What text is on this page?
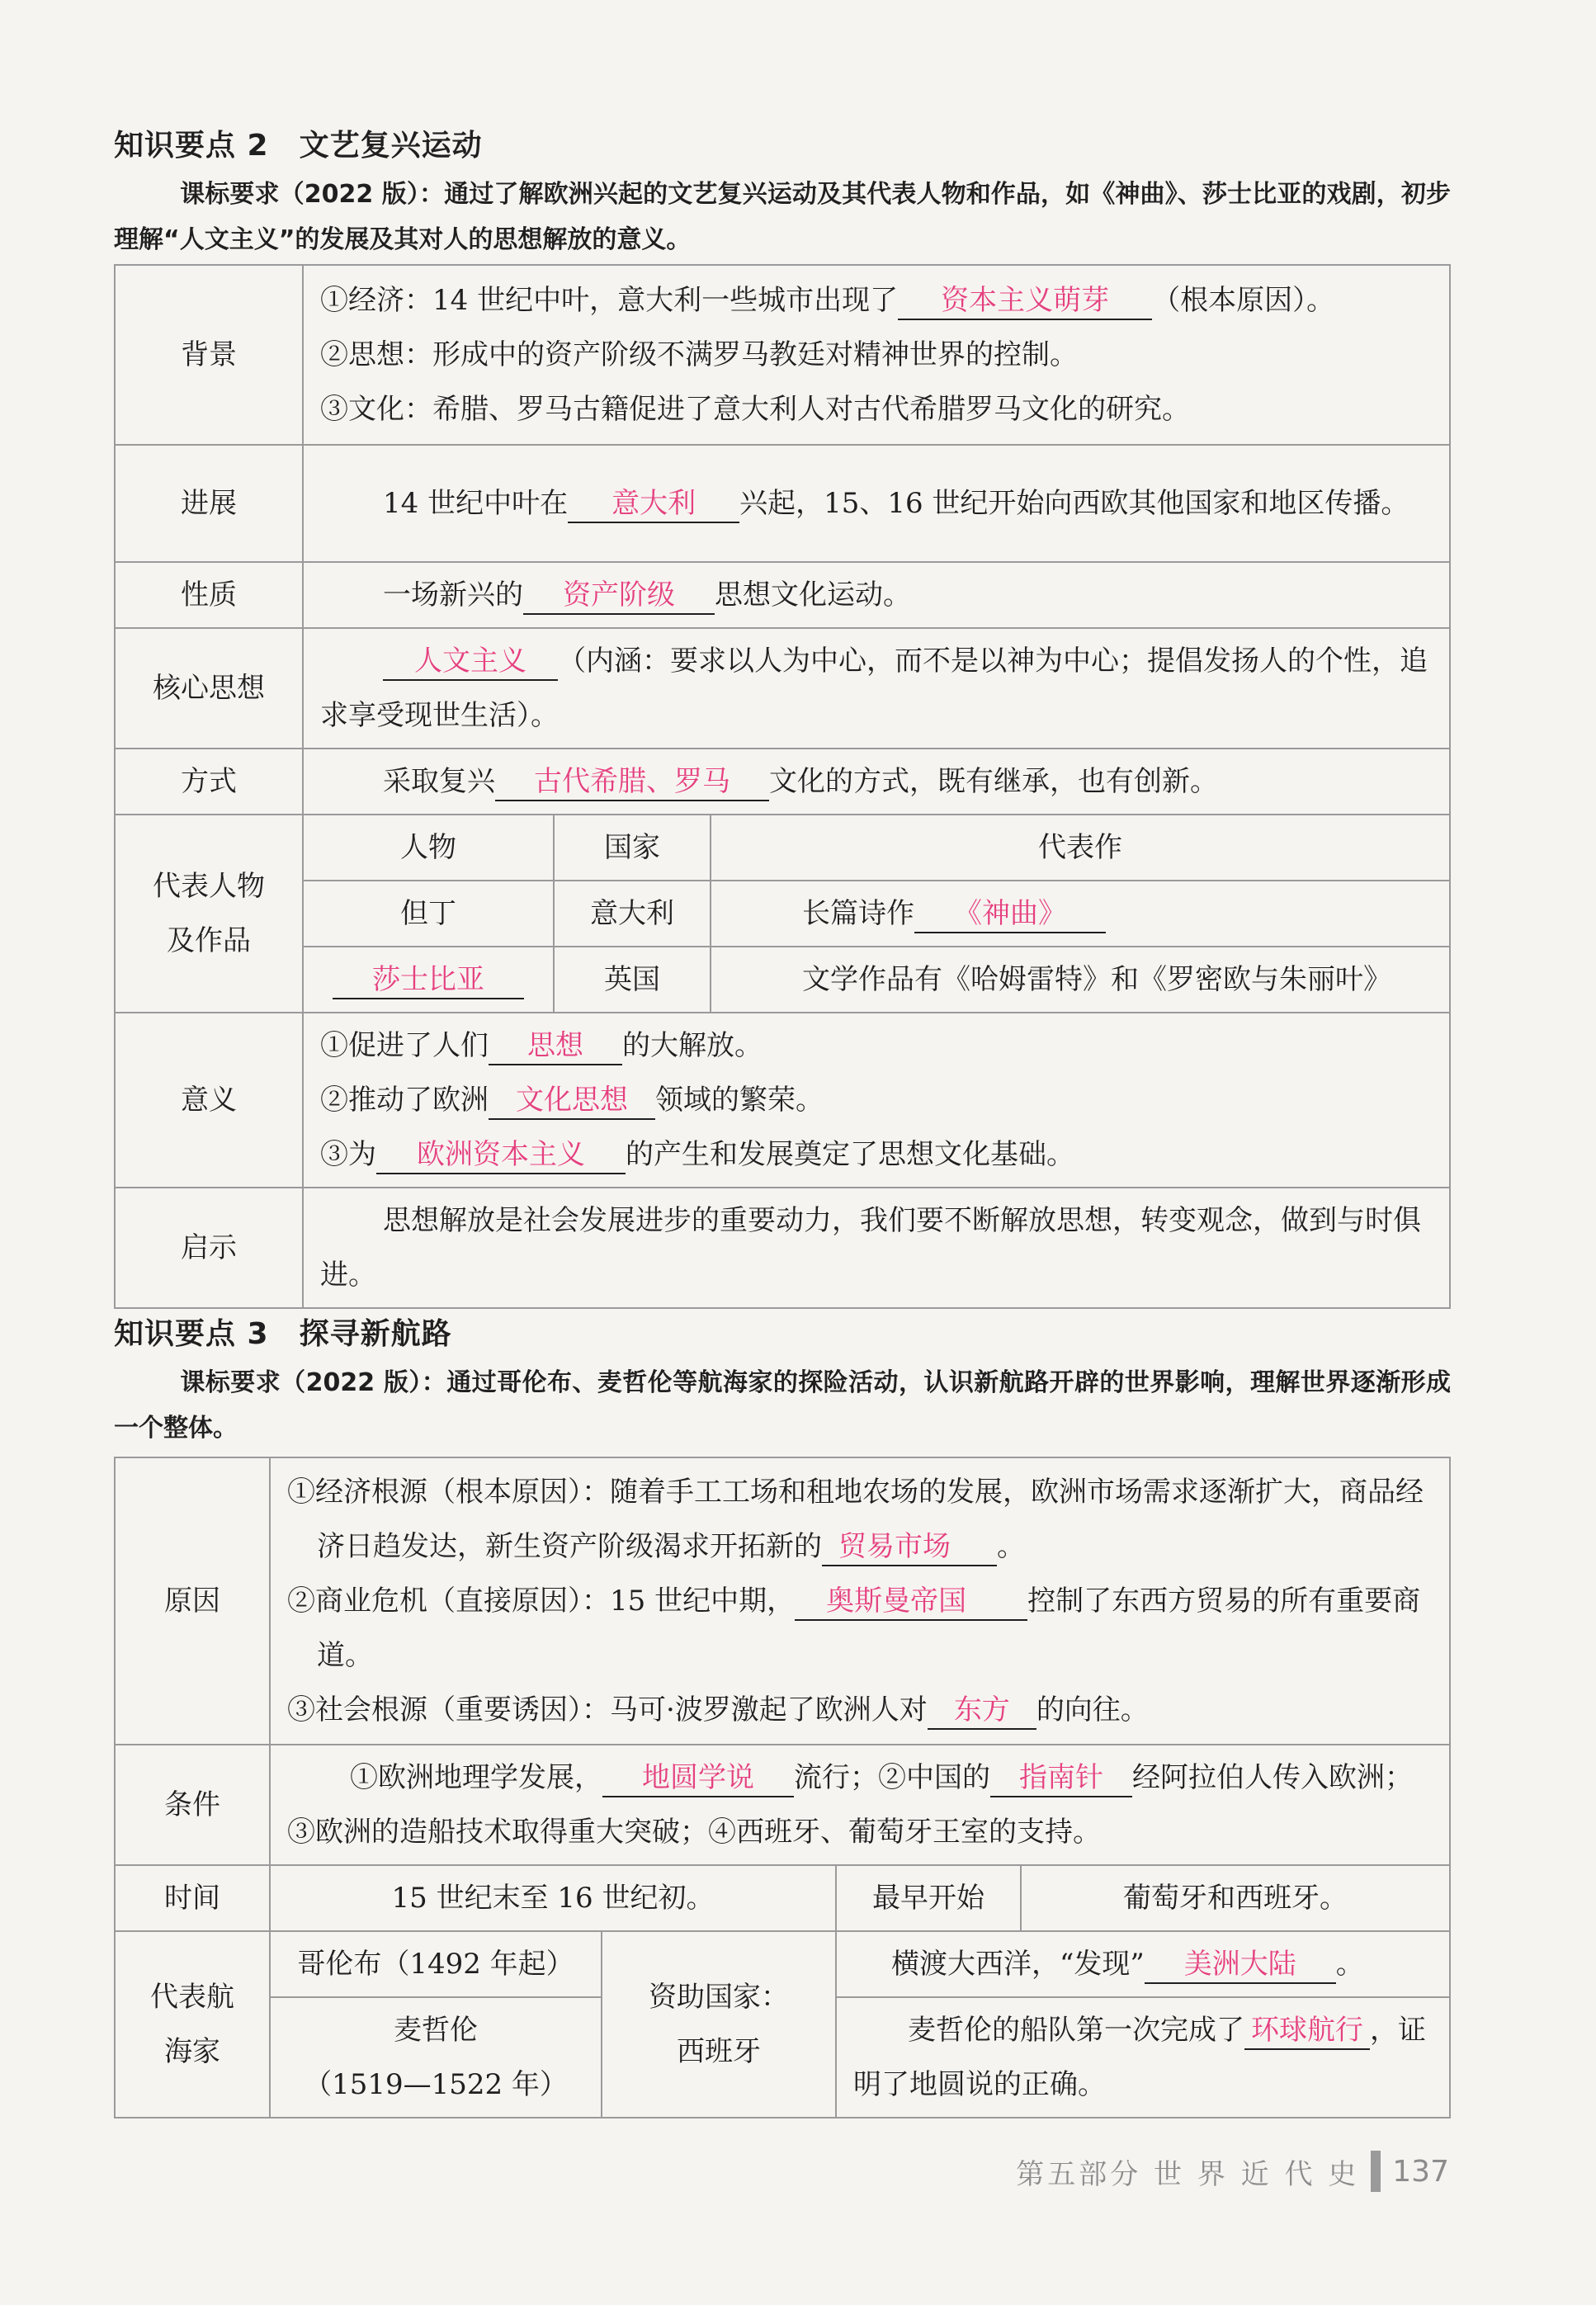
知识要点 2　文艺复兴运动
课标要求（2022 版）：通过了解欧洲兴起的文艺复兴运动及其代表人物和作品，如《神曲》、莎士比亚的戏剧，初步理解“人文主义”的发展及其对人的思想解放的意义。
背景	①经济：14 世纪中叶，意大利一些城市出现了 资本主义萌芽 （根本原因）。
②思想：形成中的资产阶级不满罗马教廷对精神世界的控制。
③文化：希腊、罗马古籍促进了意大利人对古代希腊罗马文化的研究。		

进展	14 世纪中叶在 意大利 兴起，15、16 世纪开始向西欧其他国家和地区传播。		
性质	一场新兴的 资产阶级 思想文化运动。		
核心思想	人文主义 （内涵：要求以人为中心，而不是以神为中心；提倡发扬人的个性，追求享受现世生活）。		
方式	采取复兴 古代希腊、罗马 文化的方式，既有继承，也有创新。		
代表人物及作品	人物	国家	代表作
	但丁	意大利	长篇诗作 《神曲》
	莎士比亚	英国	文学作品有《哈姆雷特》和《罗密欧与朱丽叶》
意义	①促进了人们 思想 的大解放。
②推动了欧洲 文化思想 领域的繁荣。
③为 欧洲资本主义 的产生和发展奠定了思想文化基础。		

启示	思想解放是社会发展进步的重要动力，我们要不断解放思想，转变观念，做到与时俱进。		
知识要点 3　探寻新航路
课标要求（2022 版）：通过哥伦布、麦哲伦等航海家的探险活动，认识新航路开辟的世界影响，理解世界逐渐形成一个整体。
原因	①经济根源（根本原因）：随着手工工场和租地农场的发展，欧洲市场需求逐渐扩大，商品经济日趋发达，新生资产阶级渴求开拓新的 贸易市场 。
②商业危机（直接原因）：15 世纪中期， 奥斯曼帝国 控制了东西方贸易的所有重要商道。
③社会根源（重要诱因）：马可·波罗激起了欧洲人对 东方 的向往。			

条件	①欧洲地理学发展， 地圆学说 流行；②中国的 指南针 经阿拉伯人传入欧洲；③欧洲的造船技术取得重大突破；④西班牙、葡萄牙王室的支持。			
时间	15 世纪末至 16 世纪初。		最早开始	葡萄牙和西班牙。
代表航海家	哥伦布（1492 年起）	资助国家：西班牙	横渡大西洋，“发现” 美洲大陆 。	

	麦哲伦
（1519—1522 年）		麦哲伦的船队第一次完成了 环球航行 ，证明了地圆说的正确。	
第五部分 世 界 近 代 史 137
